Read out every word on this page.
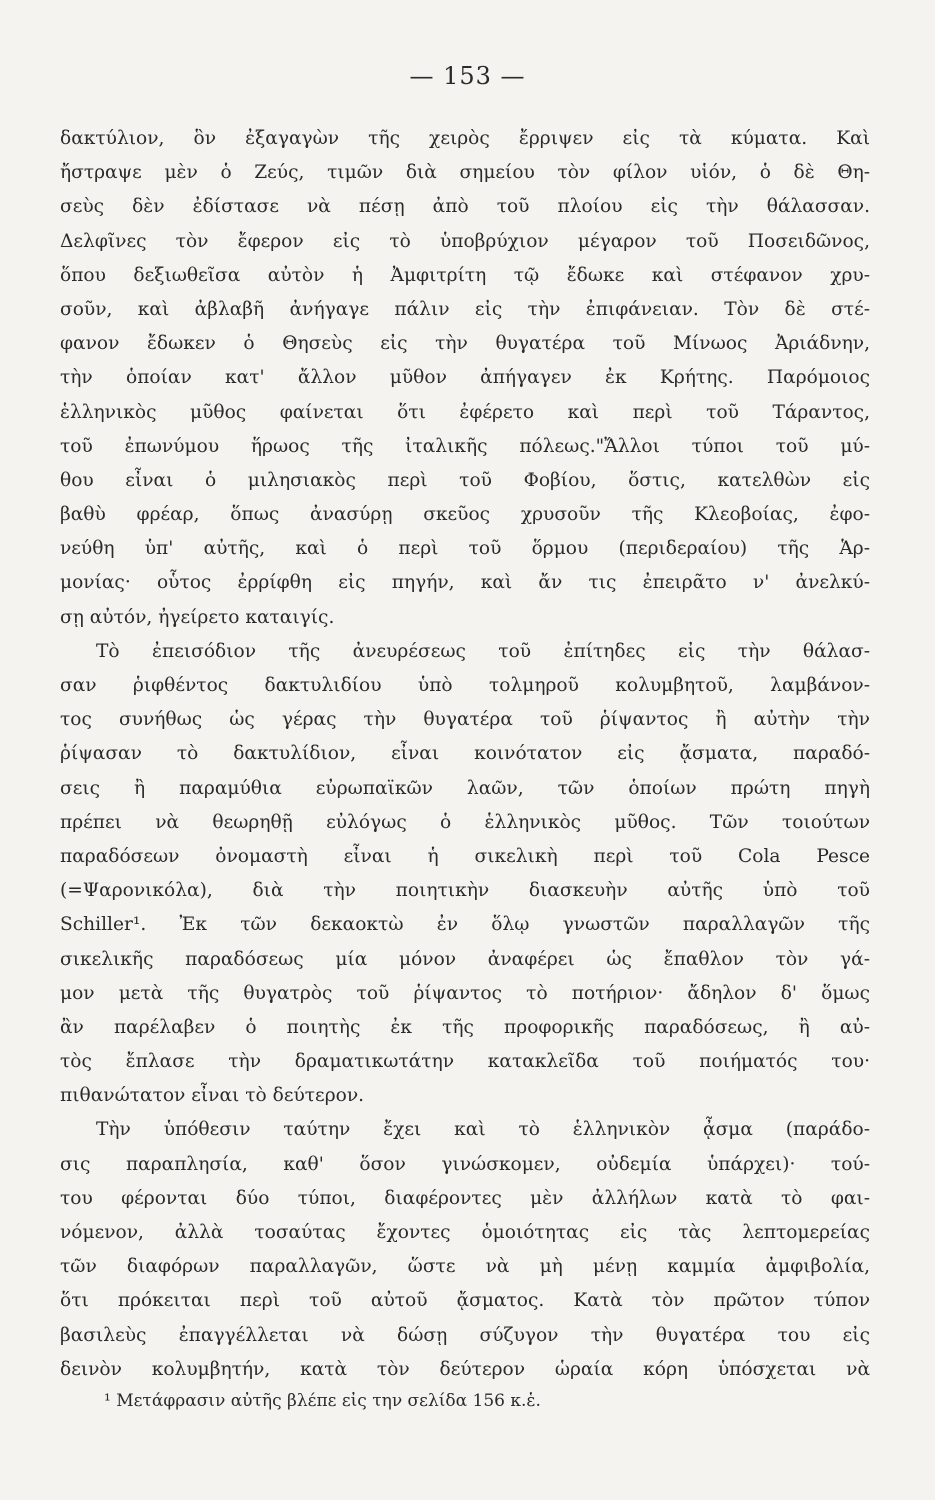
— 153 —
δακτύλιον, ὃν ἐξαγαγὼν τῆς χειρὸς ἔρριψεν εἰς τὰ κύματα. Καὶ
ἤστραψε μὲν ὁ Ζεύς, τιμῶν διὰ σημείου τὸν φίλον υἱόν, ὁ δὲ Θη-
σεὺς δὲν ἐδίστασε νὰ πέσῃ ἀπὸ τοῦ πλοίου εἰς τὴν θάλασσαν.
Δελφῖνες τὸν ἔφερον εἰς τὸ ὑποβρύχιον μέγαρον τοῦ Ποσειδῶνος,
ὅπου δεξιωθεῖσα αὐτὸν ἡ Ἀμφιτρίτη τῷ ἔδωκε καὶ στέφανον χρυ-
σοῦν, καὶ ἀβλαβῆ ἀνήγαγε πάλιν εἰς τὴν ἐπιφάνειαν. Τὸν δὲ στέ-
φανον ἔδωκεν ὁ Θησεὺς εἰς τὴν θυγατέρα τοῦ Μίνωος Ἀριάδνην,
τὴν ὁποίαν κατ' ἄλλον μῦθον ἀπήγαγεν ἐκ Κρήτης. Παρόμοιος
ἑλληνικὸς μῦθος φαίνεται ὅτι ἐφέρετο καὶ περὶ τοῦ Τάραντος,
τοῦ ἐπωνύμου ἥρωος τῆς ἰταλικῆς πόλεως."Ἄλλοι τύποι τοῦ μύ-
θου εἶναι ὁ μιλησιακὸς περὶ τοῦ Φοβίου, ὅστις, κατελθὼν εἰς
βαθὺ φρέαρ, ὅπως ἀνασύρῃ σκεῦος χρυσοῦν τῆς Κλεοβοίας, ἐφο-
νεύθη ὑπ' αὐτῆς, καὶ ὁ περὶ τοῦ ὅρμου (περιδεραίου) τῆς Ἁρ-
μονίας· οὗτος ἐρρίφθη εἰς πηγήν, καὶ ἄν τις ἐπειρᾶτο ν' ἀνελκύ-
σῃ αὐτόν, ἠγείρετο καταιγίς.
Τὸ ἐπεισόδιον τῆς ἀνευρέσεως τοῦ ἐπίτηδες εἰς τὴν θάλασ-
σαν ῥιφθέντος δακτυλιδίου ὑπὸ τολμηροῦ κολυμβητοῦ, λαμβάνον-
τος συνήθως ὡς γέρας τὴν θυγατέρα τοῦ ῥίψαντος ἢ αὐτὴν τὴν
ῥίψασαν τὸ δακτυλίδιον, εἶναι κοινότατον εἰς ᾄσματα, παραδό-
σεις ἢ παραμύθια εὐρωπαϊκῶν λαῶν, τῶν ὁποίων πρώτη πηγὴ
πρέπει νὰ θεωρηθῇ εὐλόγως ὁ ἑλληνικὸς μῦθος. Τῶν τοιούτων
παραδόσεων ὀνομαστὴ εἶναι ἡ σικελικὴ περὶ τοῦ Cola Pesce
(=Ψαρονικόλα), διὰ τὴν ποιητικὴν διασκευὴν αὐτῆς ὑπὸ τοῦ
Schiller¹. Ἐκ τῶν δεκαοκτὼ ἐν ὅλῳ γνωστῶν παραλλαγῶν τῆς
σικελικῆς παραδόσεως μία μόνον ἀναφέρει ὡς ἔπαθλον τὸν γά-
μον μετὰ τῆς θυγατρὸς τοῦ ῥίψαντος τὸ ποτήριον· ἄδηλον δ' ὅμως
ἂν παρέλαβεν ὁ ποιητὴς ἐκ τῆς προφορικῆς παραδόσεως, ἢ αὐ-
τὸς ἔπλασε τὴν δραματικωτάτην κατακλεῖδα τοῦ ποιήματός του·
πιθανώτατον εἶναι τὸ δεύτερον.
Τὴν ὑπόθεσιν ταύτην ἔχει καὶ τὸ ἑλληνικὸν ᾆσμα (παράδο-
σις παραπλησία, καθ' ὅσον γινώσκομεν, οὐδεμία ὑπάρχει)· τού-
του φέρονται δύο τύποι, διαφέροντες μὲν ἀλλήλων κατὰ τὸ φαι-
νόμενον, ἀλλὰ τοσαύτας ἔχοντες ὁμοιότητας εἰς τὰς λεπτομερείας
τῶν διαφόρων παραλλαγῶν, ὥστε νὰ μὴ μένῃ καμμία ἀμφιβολία,
ὅτι πρόκειται περὶ τοῦ αὐτοῦ ᾄσματος. Κατὰ τὸν πρῶτον τύπον
βασιλεὺς ἐπαγγέλλεται νὰ δώσῃ σύζυγον τὴν θυγατέρα του εἰς
δεινὸν κολυμβητήν, κατὰ τὸν δεύτερον ὡραία κόρη ὑπόσχεται νὰ
¹ Μετάφρασιν αὐτῆς βλέπε εἰς την σελίδα 156 κ.ἑ.
